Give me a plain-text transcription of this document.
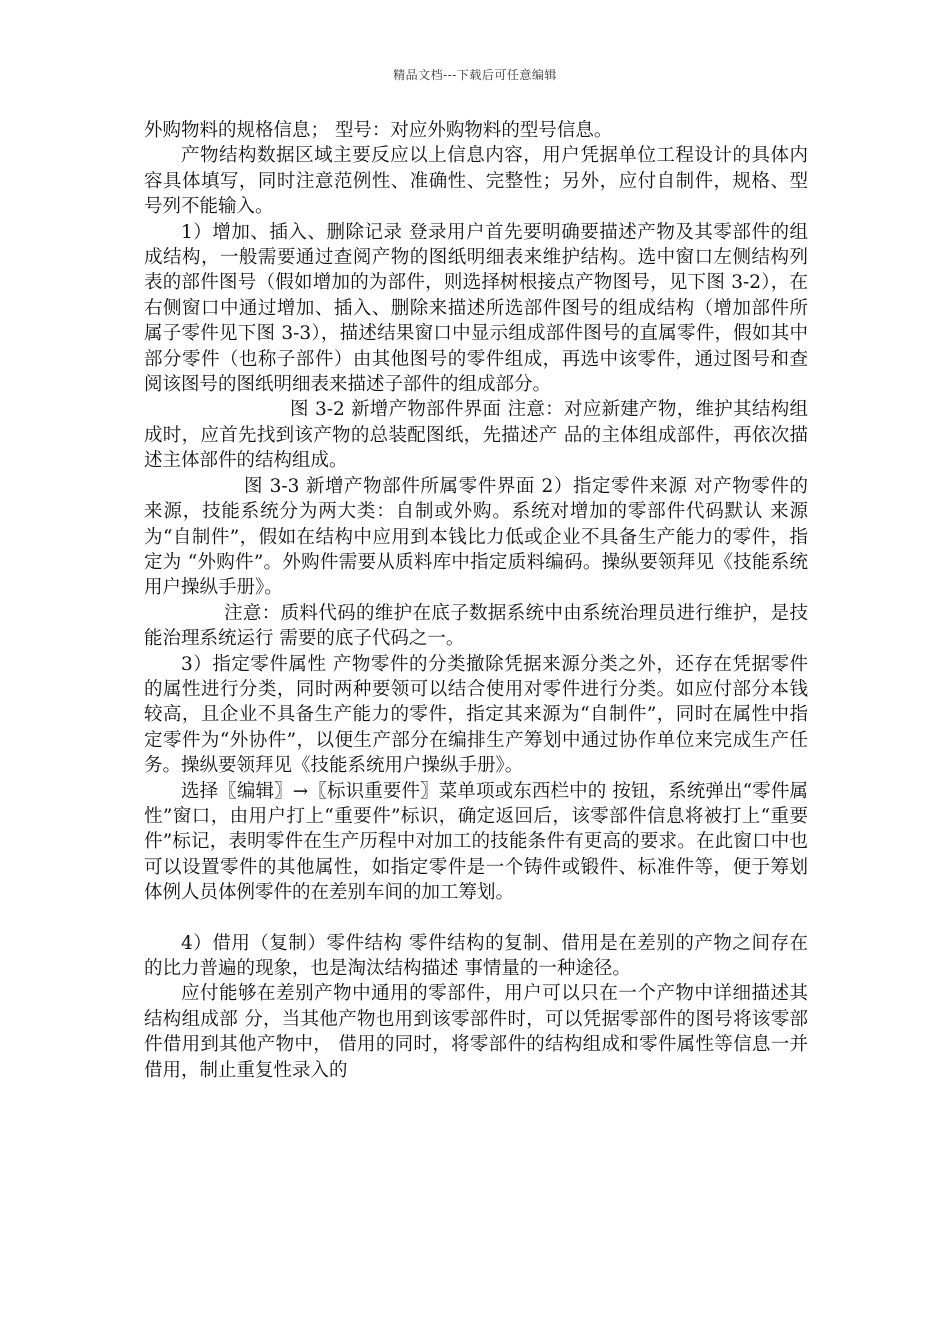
精品文档---下载后可任意编辑

外购物料的规格信息； 型号：对应外购物料的型号信息。

产物结构数据区域主要反应以上信息内容，用户凭据单位工程设计的具体内容具体填写，同时注意范例性、准确性、完整性；另外，应付自制件，规格、型号列不能输入。

1）增加、插入、删除记录 登录用户首先要明确要描述产物及其零部件的组成结构，一般需要通过查阅产物的图纸明细表来维护结构。选中窗口左侧结构列表的部件图号（假如增加的为部件，则选择树根接点产物图号，见下图 3-2），在右侧窗口中通过增加、插入、删除来描述所选部件图号的组成结构（增加部件所属子零件见下图 3-3），描述结果窗口中显示组成部件图号的直属零件，假如其中部分零件（也称子部件）由其他图号的零件组成，再选中该零件，通过图号和查阅该图号的图纸明细表来描述子部件的组成部分。

图 3-2 新增产物部件界面 注意：对应新建产物，维护其结构组成时，应首先找到该产物的总装配图纸，先描述产 品的主体组成部件，再依次描述主体部件的结构组成。

图 3-3 新增产物部件所属零件界面 2）指定零件来源 对产物零件的来源，技能系统分为两大类：自制或外购。系统对增加的零部件代码默认 来源为“自制件”，假如在结构中应用到本钱比力低或企业不具备生产能力的零件，指定为 “外购件”。外购件需要从质料库中指定质料编码。操纵要领拜见《技能系统用户操纵手册》。

注意：质料代码的维护在底子数据系统中由系统治理员进行维护，是技能治理系统运行 需要的底子代码之一。

3）指定零件属性 产物零件的分类撤除凭据来源分类之外，还存在凭据零件的属性进行分类，同时两种要领可以结合使用对零件进行分类。如应付部分本钱较高，且企业不具备生产能力的零件，指定其来源为“自制件”，同时在属性中指定零件为“外协件”，以便生产部分在编排生产筹划中通过协作单位来完成生产任务。操纵要领拜见《技能系统用户操纵手册》。

选择〖编辑〗→〖标识重要件〗菜单项或东西栏中的 按钮，系统弹出“零件属性”窗口，由用户打上“重要件”标识，确定返回后，该零部件信息将被打上“重要件”标记，表明零件在生产历程中对加工的技能条件有更高的要求。在此窗口中也可以设置零件的其他属性，如指定零件是一个铸件或锻件、标准件等，便于筹划体例人员体例零件的在差别车间的加工筹划。

4）借用（复制）零件结构 零件结构的复制、借用是在差别的产物之间存在的比力普遍的现象，也是淘汰结构描述 事情量的一种途径。

应付能够在差别产物中通用的零部件，用户可以只在一个产物中详细描述其结构组成部 分，当其他产物也用到该零部件时，可以凭据零部件的图号将该零部件借用到其他产物中， 借用的同时，将零部件的结构组成和零件属性等信息一并借用，制止重复性录入的
